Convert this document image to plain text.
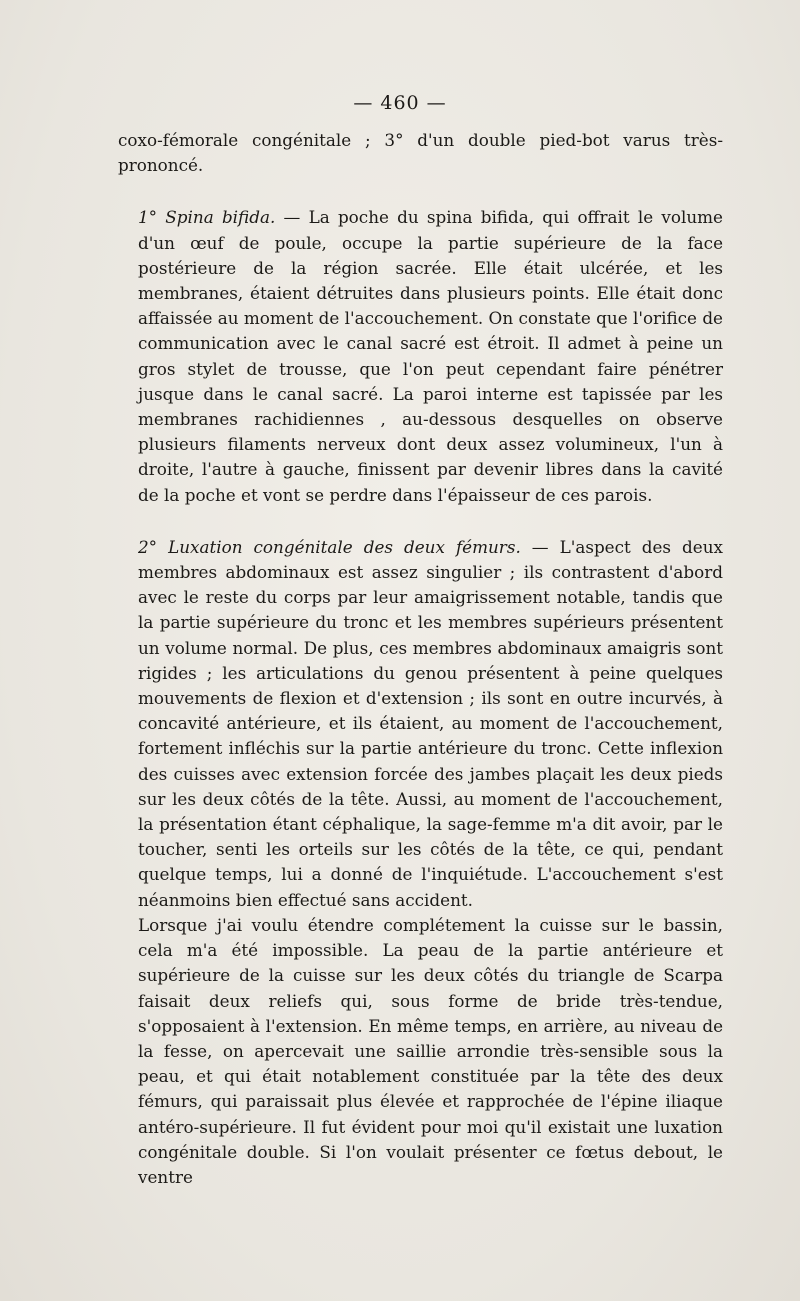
— 460 —

coxo-fémorale congénitale ; 3° d'un double pied-bot varus très-prononcé.

1° Spina bifida. — La poche du spina bifida, qui offrait le volume d'un œuf de poule, occupe la partie supérieure de la face postérieure de la région sacrée. Elle était ulcérée, et les membranes, étaient détruites dans plusieurs points. Elle était donc affaissée au moment de l'accouchement. On constate que l'orifice de communication avec le canal sacré est étroit. Il admet à peine un gros stylet de trousse, que l'on peut cependant faire pénétrer jusque dans le canal sacré. La paroi interne est tapissée par les membranes rachidiennes , au-dessous desquelles on observe plusieurs filaments nerveux dont deux assez volumineux, l'un à droite, l'autre à gauche, finissent par devenir libres dans la cavité de la poche et vont se perdre dans l'épaisseur de ces parois.

2° Luxation congénitale des deux fémurs. — L'aspect des deux membres abdominaux est assez singulier ; ils contrastent d'abord avec le reste du corps par leur amaigrissement notable, tandis que la partie supérieure du tronc et les membres supérieurs présentent un volume normal. De plus, ces membres abdominaux amaigris sont rigides ; les articulations du genou présentent à peine quelques mouvements de flexion et d'extension ; ils sont en outre incurvés, à concavité antérieure, et ils étaient, au moment de l'accouchement, fortement infléchis sur la partie antérieure du tronc. Cette inflexion des cuisses avec extension forcée des jambes plaçait les deux pieds sur les deux côtés de la tête. Aussi, au moment de l'accouchement, la présentation étant céphalique, la sage-femme m'a dit avoir, par le toucher, senti les orteils sur les côtés de la tête, ce qui, pendant quelque temps, lui a donné de l'inquiétude. L'accouchement s'est néanmoins bien effectué sans accident.

Lorsque j'ai voulu étendre complétement la cuisse sur le bassin, cela m'a été impossible. La peau de la partie antérieure et supérieure de la cuisse sur les deux côtés du triangle de Scarpa faisait deux reliefs qui, sous forme de bride très-tendue, s'opposaient à l'extension. En même temps, en arrière, au niveau de la fesse, on apercevait une saillie arrondie très-sensible sous la peau, et qui était notablement constituée par la tête des deux fémurs, qui paraissait plus élevée et rapprochée de l'épine iliaque antéro-supérieure. Il fut évident pour moi qu'il existait une luxation congénitale double. Si l'on voulait présenter ce fœtus debout, le ventre
